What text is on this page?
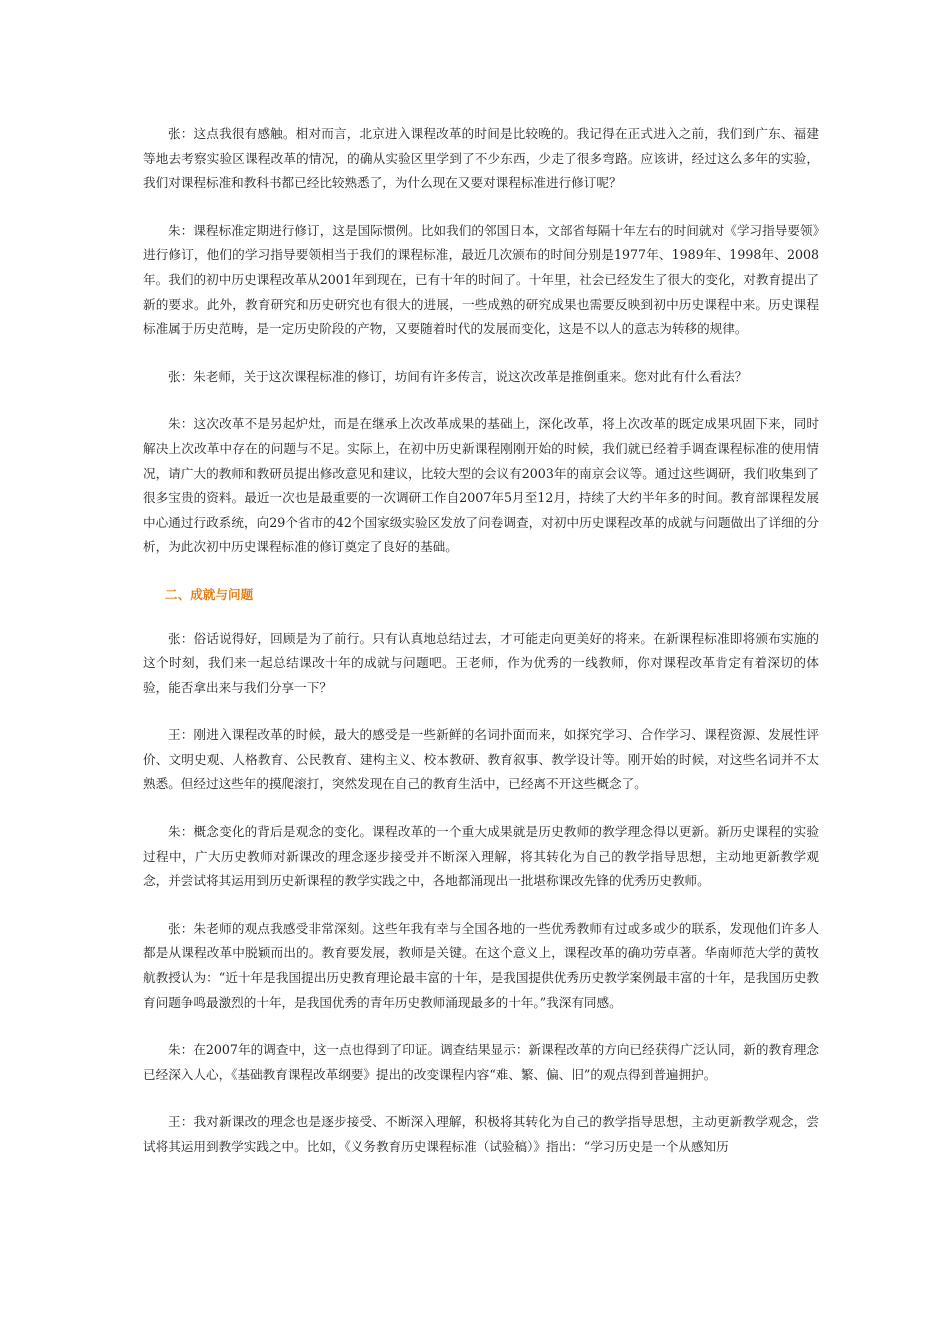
张：这点我很有感触。相对而言，北京进入课程改革的时间是比较晚的。我记得在正式进入之前，我们到广东、福建等地去考察实验区课程改革的情况，的确从实验区里学到了不少东西，少走了很多弯路。应该讲，经过这么多年的实验，我们对课程标准和教科书都已经比较熟悉了，为什么现在又要对课程标准进行修订呢？

朱：课程标准定期进行修订，这是国际惯例。比如我们的邻国日本，文部省每隔十年左右的时间就对《学习指导要领》进行修订，他们的学习指导要领相当于我们的课程标准，最近几次颁布的时间分别是1977年、1989年、1998年、2008年。我们的初中历史课程改革从2001年到现在，已有十年的时间了。十年里，社会已经发生了很大的变化，对教育提出了新的要求。此外，教育研究和历史研究也有很大的进展，一些成熟的研究成果也需要反映到初中历史课程中来。历史课程标准属于历史范畴，是一定历史阶段的产物，又要随着时代的发展而变化，这是不以人的意志为转移的规律。

张：朱老师，关于这次课程标准的修订，坊间有许多传言，说这次改革是推倒重来。您对此有什么看法？

朱：这次改革不是另起炉灶，而是在继承上次改革成果的基础上，深化改革，将上次改革的既定成果巩固下来，同时解决上次改革中存在的问题与不足。实际上，在初中历史新课程刚刚开始的时候，我们就已经着手调查课程标准的使用情况，请广大的教师和教研员提出修改意见和建议，比较大型的会议有2003年的南京会议等。通过这些调研，我们收集到了很多宝贵的资料。最近一次也是最重要的一次调研工作自2007年5月至12月，持续了大约半年多的时间。教育部课程发展中心通过行政系统，向29个省市的42个国家级实验区发放了问卷调查，对初中历史课程改革的成就与问题做出了详细的分析，为此次初中历史课程标准的修订奠定了良好的基础。

二、成就与问题

张：俗话说得好，回顾是为了前行。只有认真地总结过去，才可能走向更美好的将来。在新课程标准即将颁布实施的这个时刻，我们来一起总结课改十年的成就与问题吧。王老师，作为优秀的一线教师，你对课程改革肯定有着深切的体验，能否拿出来与我们分享一下？

王：刚进入课程改革的时候，最大的感受是一些新鲜的名词扑面而来，如探究学习、合作学习、课程资源、发展性评价、文明史观、人格教育、公民教育、建构主义、校本教研、教育叙事、教学设计等。刚开始的时候，对这些名词并不太熟悉。但经过这些年的摸爬滚打，突然发现在自己的教育生活中，已经离不开这些概念了。

朱：概念变化的背后是观念的变化。课程改革的一个重大成果就是历史教师的教学理念得以更新。新历史课程的实验过程中，广大历史教师对新课改的理念逐步接受并不断深入理解，将其转化为自己的教学指导思想，主动地更新教学观念，并尝试将其运用到历史新课程的教学实践之中，各地都涌现出一批堪称课改先锋的优秀历史教师。

张：朱老师的观点我感受非常深刻。这些年我有幸与全国各地的一些优秀教师有过或多或少的联系，发现他们许多人都是从课程改革中脱颖而出的。教育要发展，教师是关键。在这个意义上，课程改革的确功劳卓著。华南师范大学的黄牧航教授认为：“近十年是我国提出历史教育理论最丰富的十年，是我国提供优秀历史教学案例最丰富的十年，是我国历史教育问题争鸣最激烈的十年，是我国优秀的青年历史教师涌现最多的十年。”我深有同感。

朱：在2007年的调查中，这一点也得到了印证。调查结果显示：新课程改革的方向已经获得广泛认同，新的教育理念已经深入人心，《基础教育课程改革纲要》提出的改变课程内容“难、繁、偏、旧”的观点得到普遍拥护。

王：我对新课改的理念也是逐步接受、不断深入理解，积极将其转化为自己的教学指导思想，主动更新教学观念，尝试将其运用到教学实践之中。比如，《义务教育历史课程标准（试验稿）》指出：“学习历史是一个从感知历
